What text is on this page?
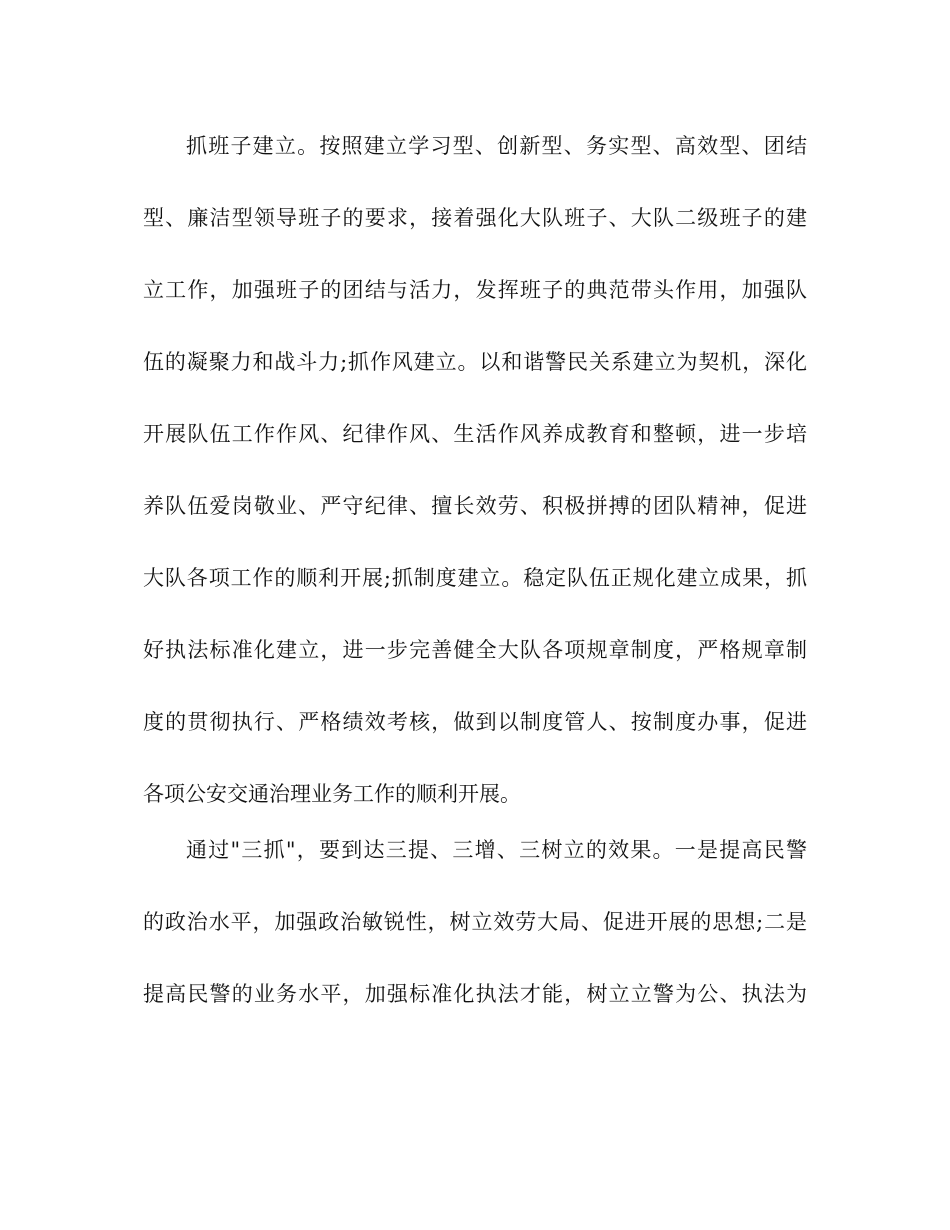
抓班子建立。按照建立学习型、创新型、务实型、高效型、团结
型、廉洁型领导班子的要求，接着强化大队班子、大队二级班子的建
立工作，加强班子的团结与活力，发挥班子的典范带头作用，加强队
伍的凝聚力和战斗力;抓作风建立。以和谐警民关系建立为契机，深化
开展队伍工作作风、纪律作风、生活作风养成教育和整顿，进一步培
养队伍爱岗敬业、严守纪律、擅长效劳、积极拼搏的团队精神，促进
大队各项工作的顺利开展;抓制度建立。稳定队伍正规化建立成果，抓
好执法标准化建立，进一步完善健全大队各项规章制度，严格规章制
度的贯彻执行、严格绩效考核，做到以制度管人、按制度办事，促进
各项公安交通治理业务工作的顺利开展。
通过"三抓"，要到达三提、三增、三树立的效果。一是提高民警
的政治水平，加强政治敏锐性，树立效劳大局、促进开展的思想;二是
提高民警的业务水平，加强标准化执法才能，树立立警为公、执法为
